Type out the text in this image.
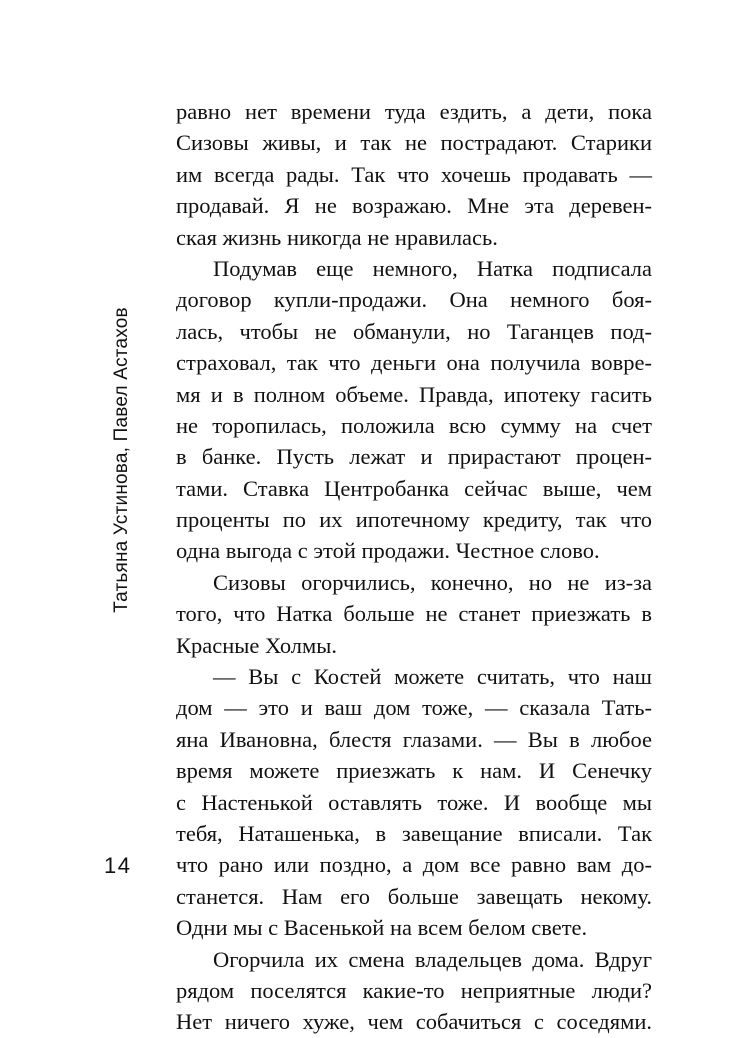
Татьяна Устинова, Павел Астахов
равно нет времени туда ездить, а дети, пока
Сизовы живы, и так не пострадают. Старики
им всегда рады. Так что хочешь продавать —
продавай. Я не возражаю. Мне эта деревен-
ская жизнь никогда не нравилась.
Подумав еще немного, Натка подписала
договор купли-продажи. Она немного боя-
лась, чтобы не обманули, но Таганцев под-
страховал, так что деньги она получила вовре-
мя и в полном объеме. Правда, ипотеку гасить
не торопилась, положила всю сумму на счет
в банке. Пусть лежат и прирастают процен-
тами. Ставка Центробанка сейчас выше, чем
проценты по их ипотечному кредиту, так что
одна выгода с этой продажи. Честное слово.
Сизовы огорчились, конечно, но не из-за
того, что Натка больше не станет приезжать в
Красные Холмы.
— Вы с Костей можете считать, что наш
дом — это и ваш дом тоже, — сказала Тать-
яна Ивановна, блестя глазами. — Вы в любое
время можете приезжать к нам. И Сенечку
с Настенькой оставлять тоже. И вообще мы
тебя, Наташенька, в завещание вписали. Так
что рано или поздно, а дом все равно вам до-
станется. Нам его больше завещать некому.
Одни мы с Васенькой на всем белом свете.
Огорчила их смена владельцев дома. Вдруг
рядом поселятся какие-то неприятные люди?
Нет ничего хуже, чем собачиться с соседями.
14
